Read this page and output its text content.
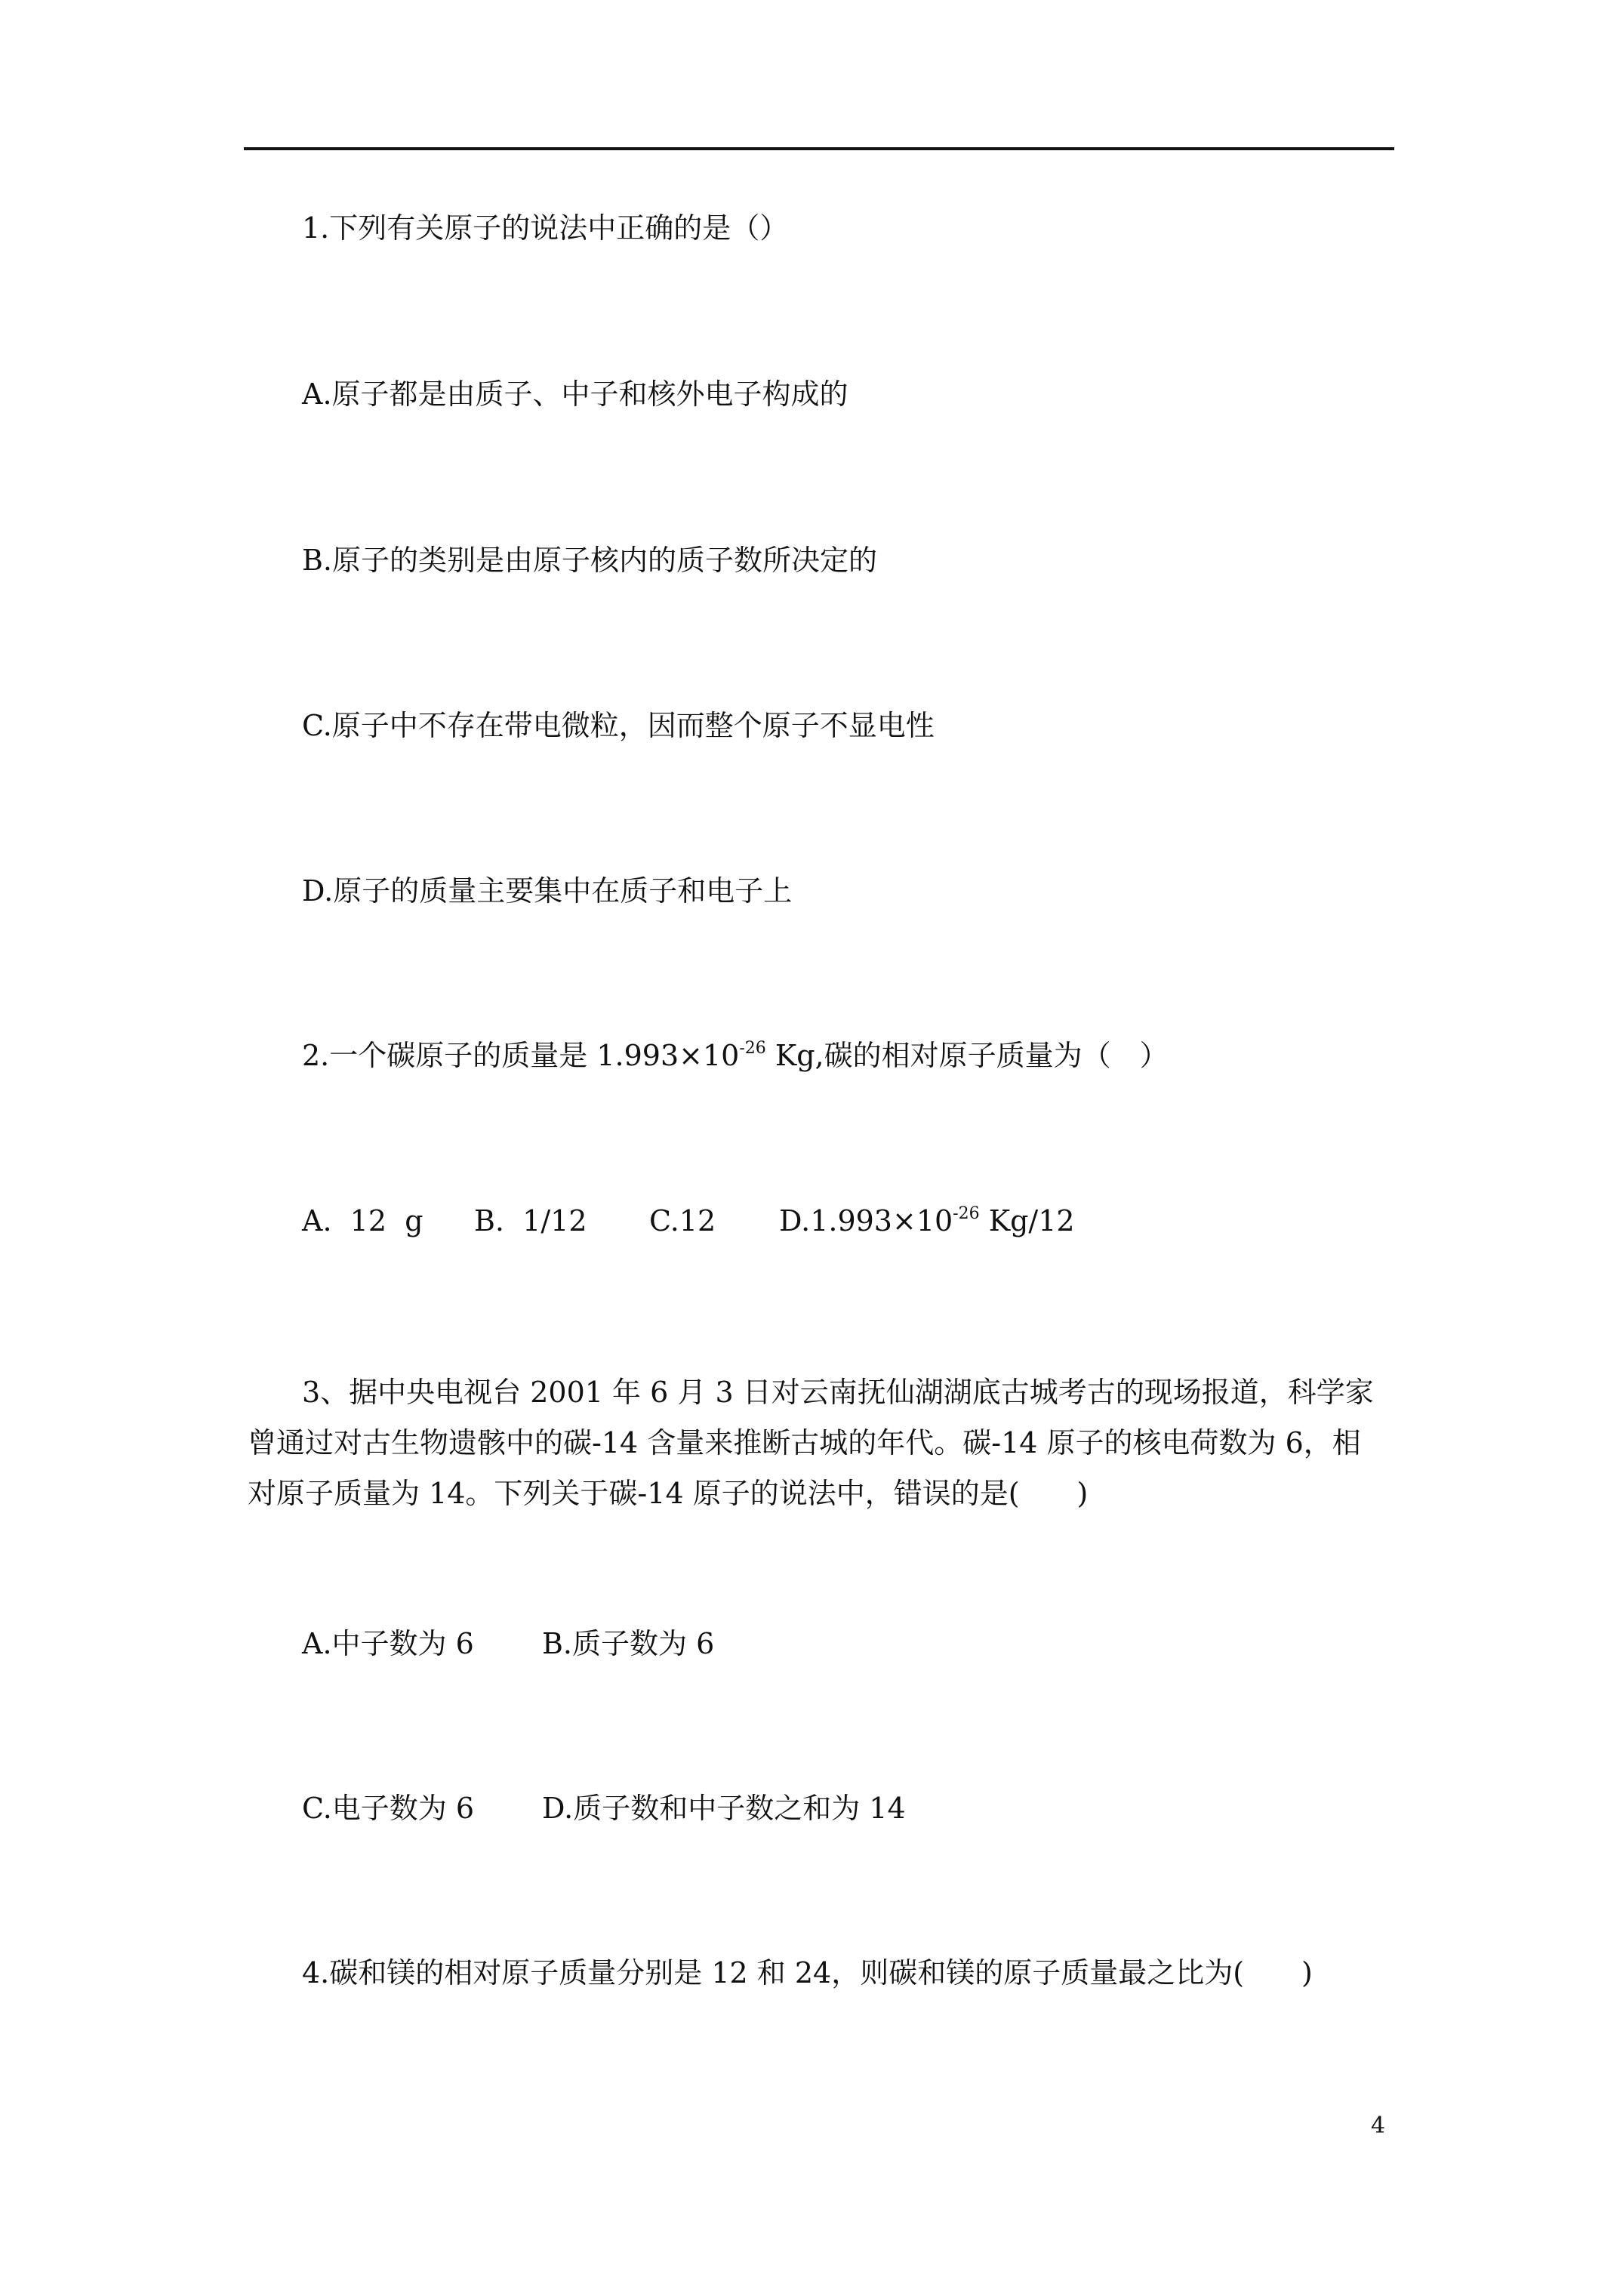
1.下列有关原子的说法中正确的是（）
A.原子都是由质子、中子和核外电子构成的
B.原子的类别是由原子核内的质子数所决定的
C.原子中不存在带电微粒，因而整个原子不显电性
D.原子的质量主要集中在质子和电子上
2.一个碳原子的质量是 $1.993\times 10^{-26}$ Kg,碳的相对原子质量为（　）
A.  12  g B.  1/12 C.12 $D.1.993\times 10^{-26}$ Kg/12
3、据中央电视台 2001 年 6 月 3 日对云南抚仙湖湖底古城考古的现场报道，科学家曾通过对古生物遗骸中的碳-14 含量来推断古城的年代。碳-14 原子的核电荷数为 6，相对原子质量为 14。下列关于碳-14 原子的说法中，错误的是(　　)
A.中子数为 6 B.质子数为 6
C.电子数为 6 D.质子数和中子数之和为 14
4.碳和镁的相对原子质量分别是 12 和 24，则碳和镁的原子质量最之比为(　　)
4
